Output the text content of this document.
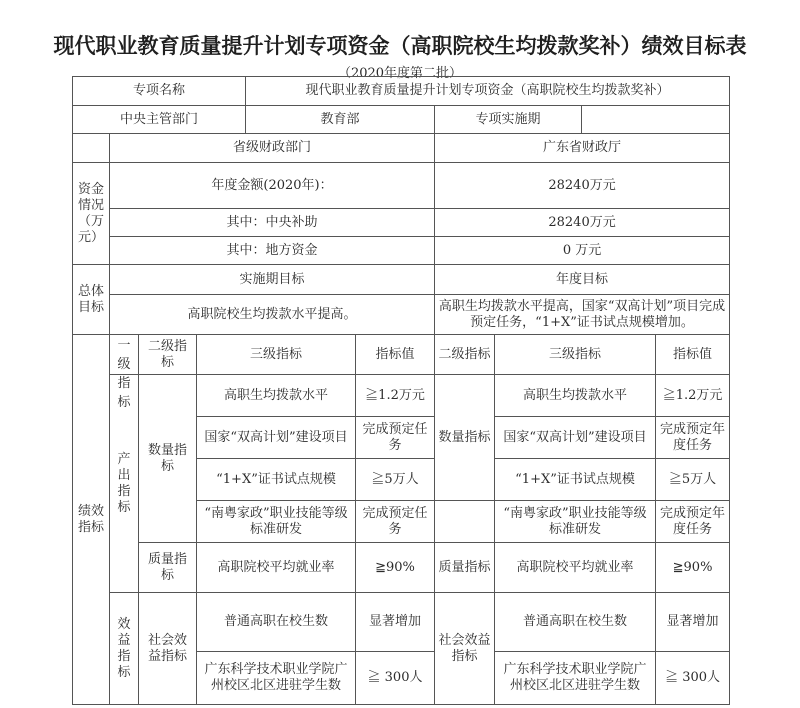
现代职业教育质量提升计划专项资金（高职院校生均拨款奖补）绩效目标表
（2020年度第二批）
专项名称				现代职业教育质量提升计划专项资金（高职院校生均拨款奖补）					
中央主管部门				教育部		专项实施期			
	省级财政部门					广东省财政厅			
资金情况（万元）	年度金额(2020年)：					28240万元			
	其中：中央补助					28240万元			
	其中：地方资金					0 万元			
总体目标	实施期目标					年度目标			
	高职院校生均拨款水平提高。					高职生均拨款水平提高，国家“双高计划”项目完成预定任务，“1+X”证书试点规模增加。			
绩效指标	一级指标	二级指标	三级指标		指标值	二级指标	三级指标		指标值
	产出指标	数量指标	高职生均拨款水平		≧1.2万元	数量指标	高职生均拨款水平		≧1.2万元
			国家“双高计划”建设项目		完成预定任务		国家“双高计划”建设项目		完成预定年度任务
			“1+X”证书试点规模		≧5万人		“1+X”证书试点规模		≧5万人
			“南粤家政”职业技能等级标准研发		完成预定任务		“南粤家政”职业技能等级标准研发		完成预定年度任务
		质量指标	高职院校平均就业率		≧90%	质量指标	高职院校平均就业率		≧90%
	效益指标	社会效益指标	普通高职在校生数		显著增加	社会效益指标	普通高职在校生数		显著增加
			广东科学技术职业学院广州校区北区进驻学生数		≧ 300人		广东科学技术职业学院广州校区北区进驻学生数		≧ 300人
